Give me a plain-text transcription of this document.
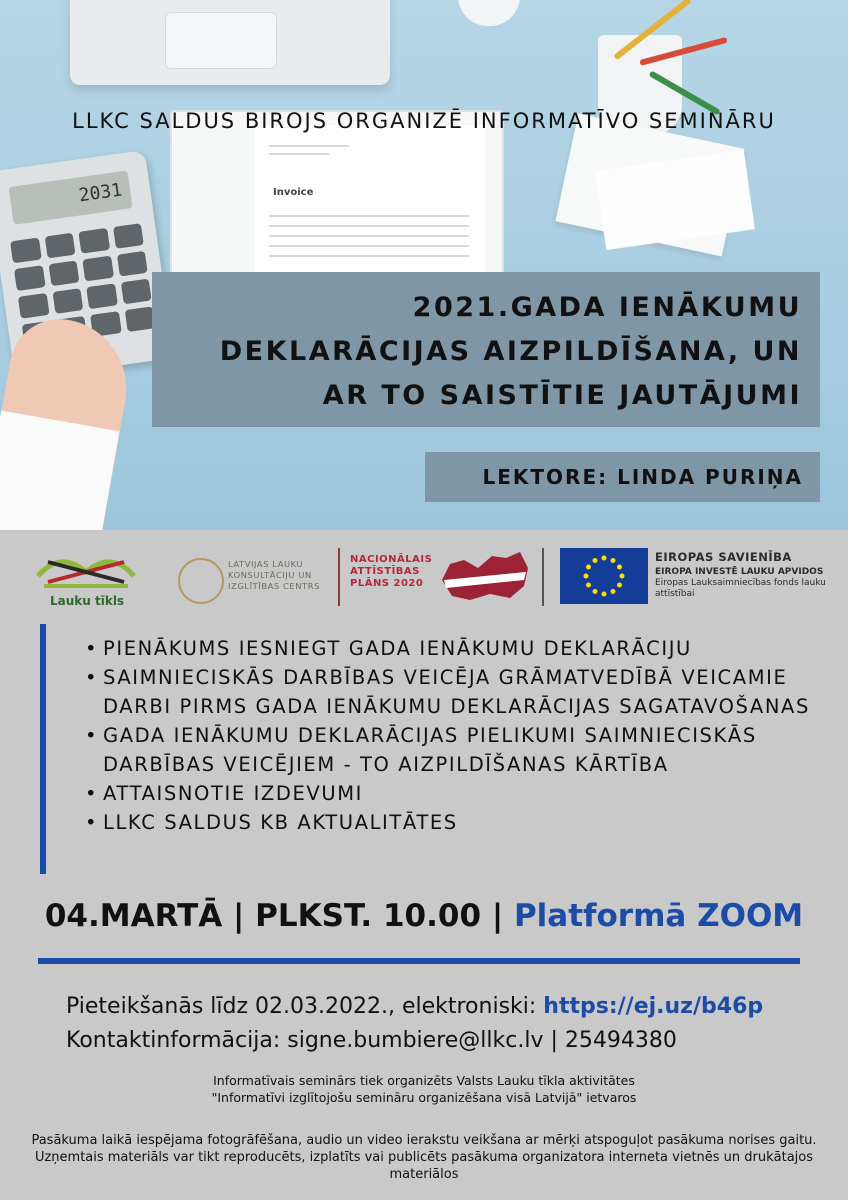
Invoice
2031
LLKC SALDUS BIROJS ORGANIZĒ INFORMATĪVO SEMINĀRU
2021.GADA IENĀKUMU
DEKLARĀCIJAS AIZPILDĪŠANA, UN
AR TO SAISTĪTIE JAUTĀJUMI
LEKTORE: LINDA PURIŅA
Lauku tīkls
LATVIJAS LAUKU KONSULTĀCIJU UN IZGLĪTĪBAS CENTRS
NACIONĀLAIS
ATTĪSTĪBAS
PLĀNS 2020
EIROPAS SAVIENĪBA
EIROPA INVESTĒ LAUKU APVIDOS
Eiropas Lauksaimniecības fonds lauku attīstībai
• PIENĀKUMS IESNIEGT GADA IENĀKUMU DEKLARĀCIJU
• SAIMNIECISKĀS DARBĪBAS VEICĒJA GRĀMATVEDĪBĀ VEICAMIE DARBI PIRMS GADA IENĀKUMU DEKLARĀCIJAS SAGATAVOŠANAS
• GADA IENĀKUMU DEKLARĀCIJAS PIELIKUMI SAIMNIECISKĀS DARBĪBAS VEICĒJIEM - TO AIZPILDĪŠANAS KĀRTĪBA
• ATTAISNOTIE IZDEVUMI
• LLKC SALDUS KB AKTUALITĀTES
04.MARTĀ | PLKST. 10.00 | Platformā ZOOM
Pieteikšanās līdz 02.03.2022., elektroniski: https://ej.uz/b46p
Kontaktinformācija: signe.bumbiere@llkc.lv | 25494380
Informatīvais seminārs tiek organizēts Valsts Lauku tīkla aktivitātes
"Informatīvi izglītojošu semināru organizēšana visā Latvijā" ietvaros
Pasākuma laikā iespējama fotogrāfēšana, audio un video ierakstu veikšana ar mērķi atspoguļot pasākuma norises gaitu.
Uzņemtais materiāls var tikt reproducēts, izplatīts vai publicēts pasākuma organizatora interneta vietnēs un drukātajos
materiālos
